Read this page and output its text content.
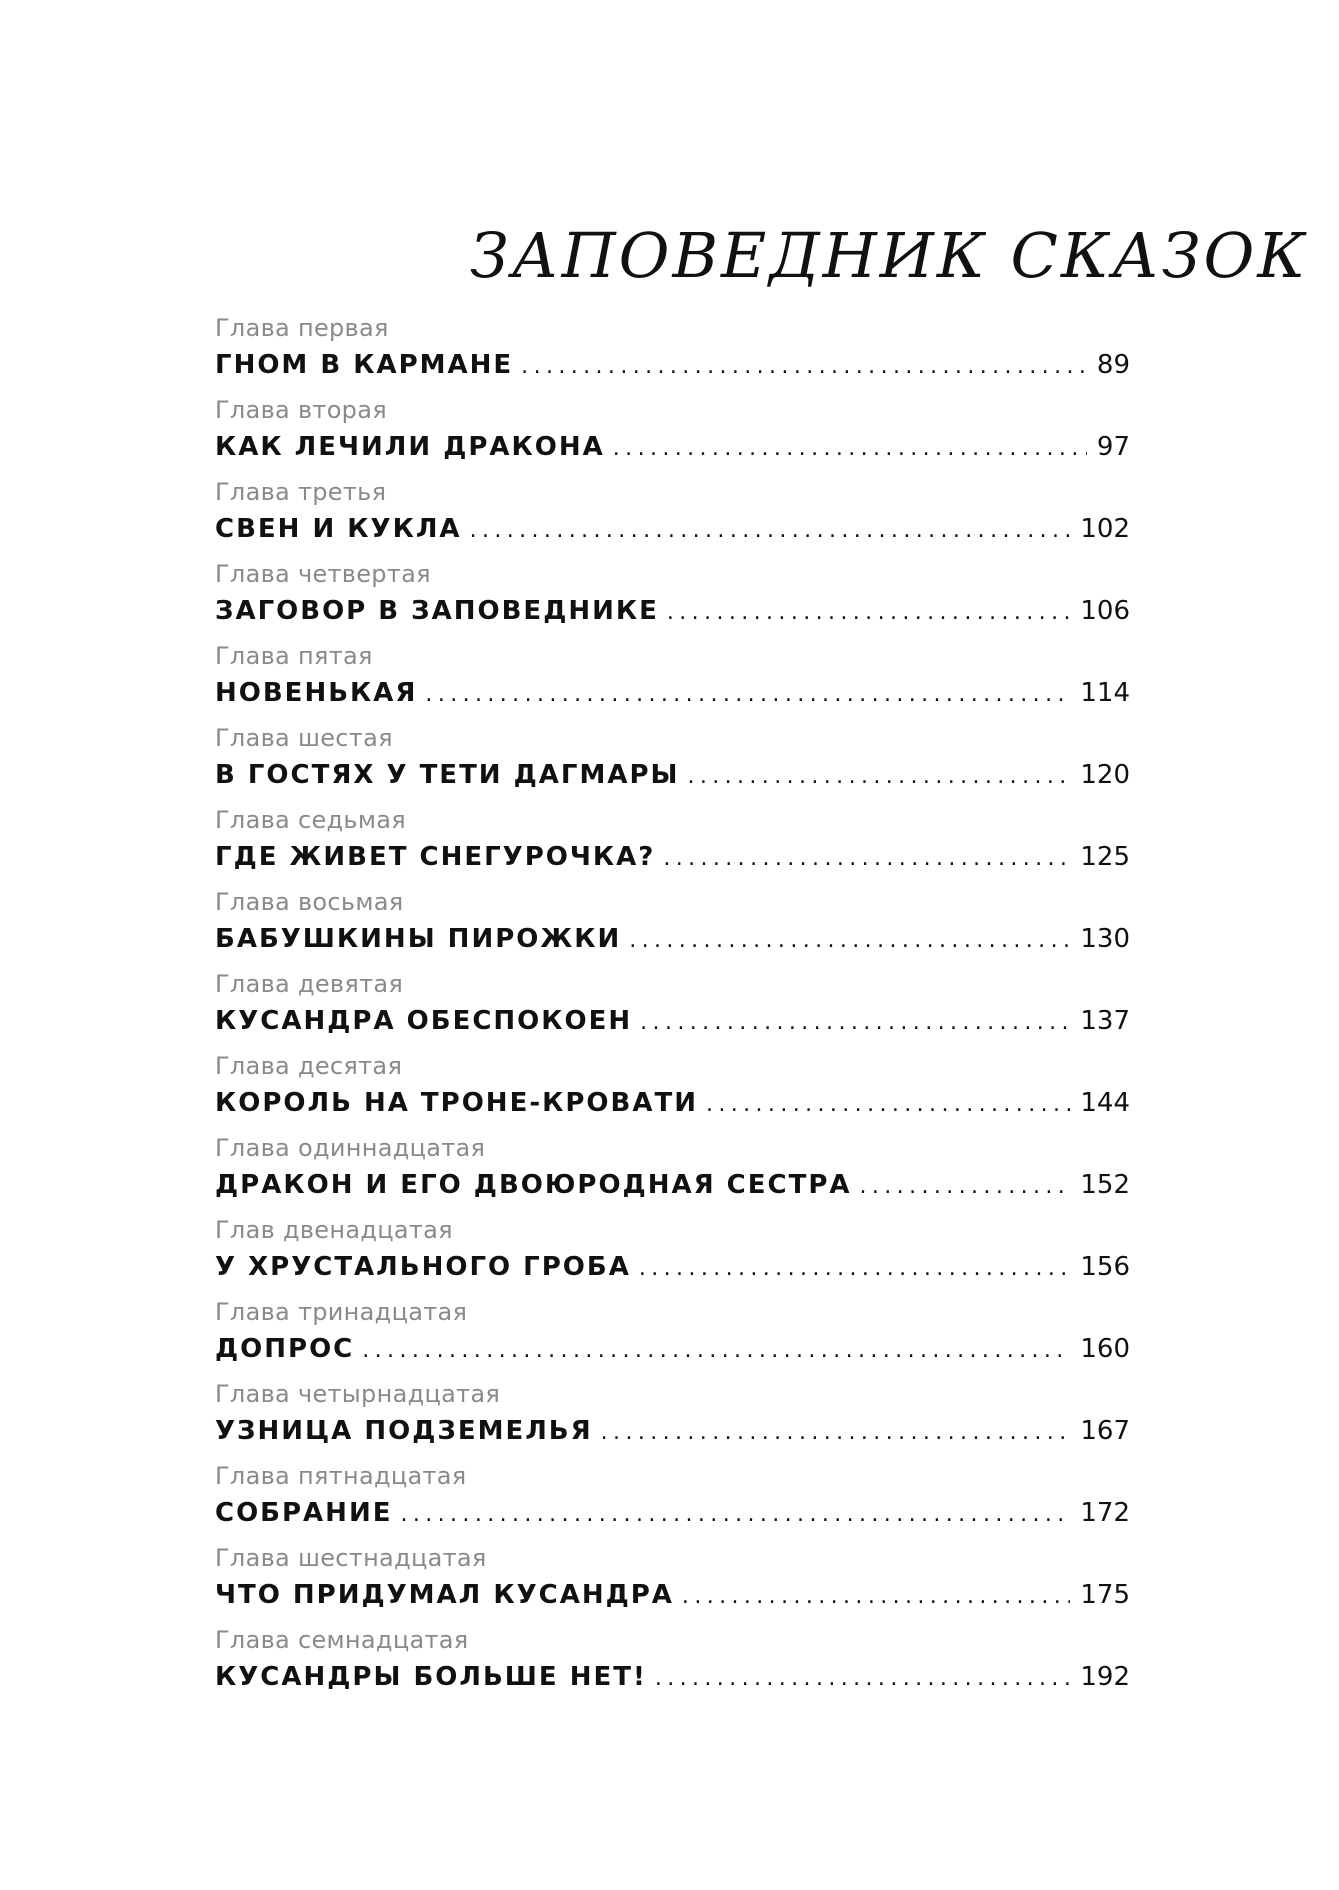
ЗАПОВЕДНИК СКАЗОК
Глава первая
ГНОМ В КАРМАНЕ .....	89
Глава вторая
КАК ЛЕЧИЛИ ДРАКОНА .....	97
Глава третья
СВЕН И КУКЛА .....	102
Глава четвертая
ЗАГОВОР В ЗАПОВЕДНИКЕ .....	106
Глава пятая
НОВЕНЬКАЯ .....	114
Глава шестая
В ГОСТЯХ У ТЕТИ ДАГМАРЫ .....	120
Глава седьмая
ГДЕ ЖИВЕТ СНЕГУРОЧКА? .....	125
Глава восьмая
БАБУШКИНЫ ПИРОЖКИ .....	130
Глава девятая
КУСАНДРА ОБЕСПОКОЕН .....	137
Глава десятая
КОРОЛЬ НА ТРОНЕ-КРОВАТИ .....	144
Глава одиннадцатая
ДРАКОН И ЕГО ДВОЮРОДНАЯ СЕСТРА .....	152
Глав двенадцатая
У ХРУСТАЛЬНОГО ГРОБА .....	156
Глава тринадцатая
ДОПРОС .....	160
Глава четырнадцатая
УЗНИЦА ПОДЗЕМЕЛЬЯ .....	167
Глава пятнадцатая
СОБРАНИЕ .....	172
Глава шестнадцатая
ЧТО ПРИДУМАЛ КУСАНДРА .....	175
Глава семнадцатая
КУСАНДРЫ БОЛЬШЕ НЕТ! .....	192
